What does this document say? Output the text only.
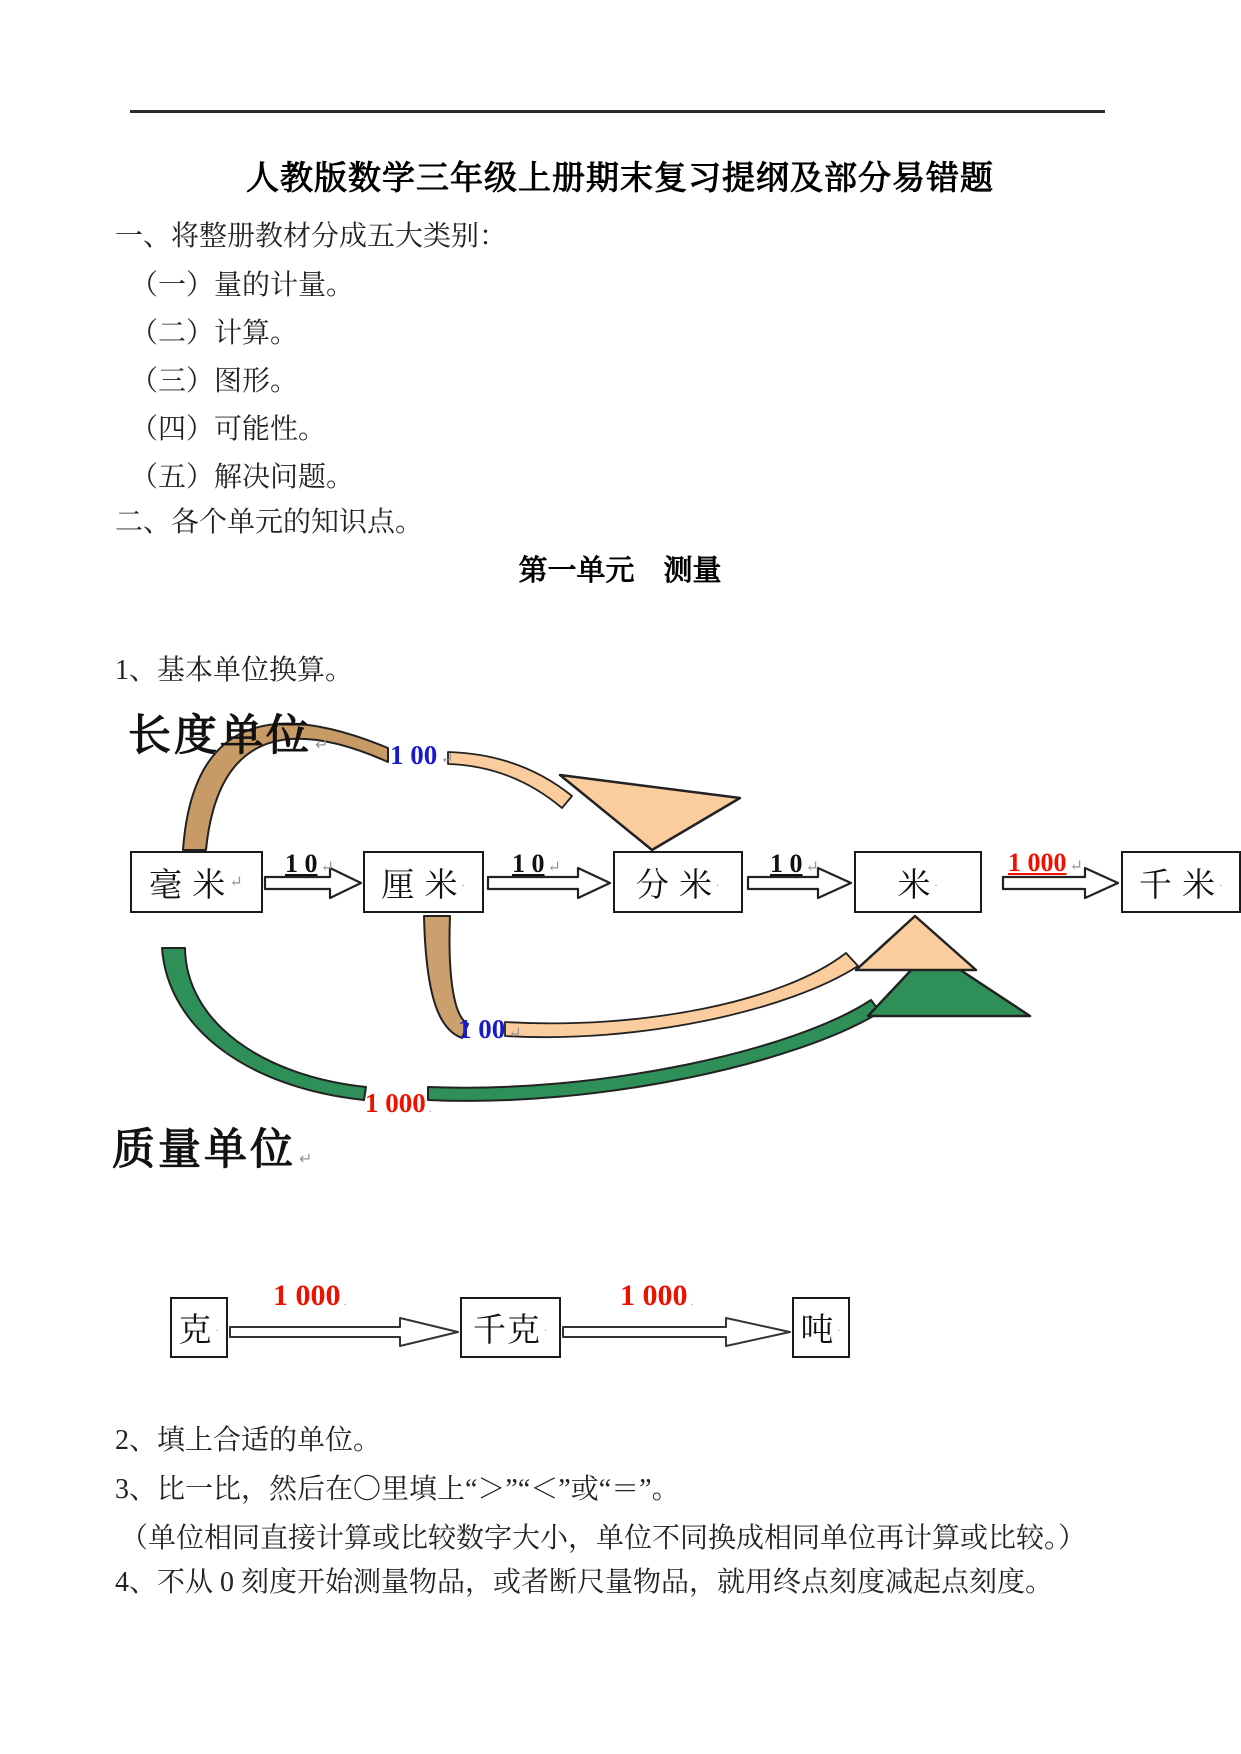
人教版数学三年级上册期末复习提纲及部分易错题
一、将整册教材分成五大类别：
（一）量的计量。
（二）计算。
（三）图形。
（四）可能性。
（五）解决问题。
二、各个单元的知识点。
第一单元　测量
1、基本单位换算。
长度单位 ↵ 1 00 ↵
1 00 ↵
1 000 .
毫 米 ↵	厘 米 .	分 米 .	米 .	千 米 .
1 0 ↵	1 0 ↵	1 0 ↵	1 000 ↵
质量单位 ↵
克 .	千克 .	吨 .
1 000 .	1 000 .
2、填上合适的单位。
3、比一比，然后在〇里填上“＞”“＜”或“＝”。
（单位相同直接计算或比较数字大小，单位不同换成相同单位再计算或比较。）
4、不从 0 刻度开始测量物品，或者断尺量物品，就用终点刻度减起点刻度。
